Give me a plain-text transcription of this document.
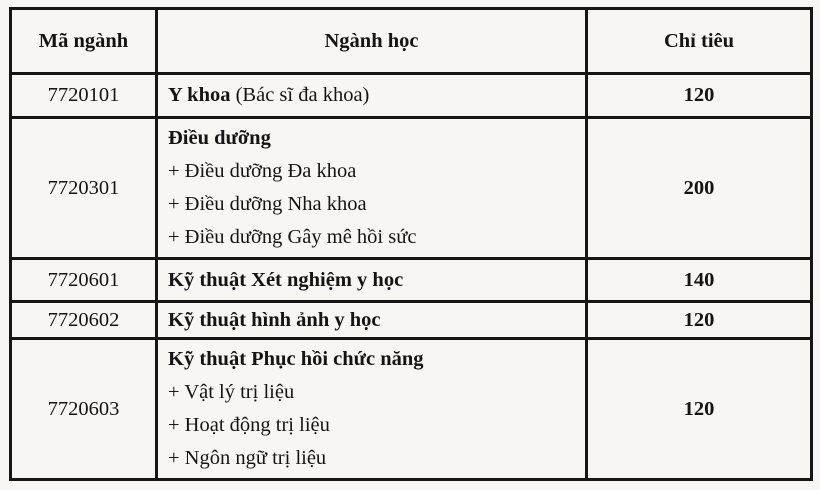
Mã ngành	Ngành học	Chỉ tiêu
7720101	Y khoa (Bác sĩ đa khoa)	120
7720301	Điều dưỡng
+ Điều dưỡng Đa khoa
+ Điều dưỡng Nha khoa
+ Điều dưỡng Gây mê hồi sức	200
7720601	Kỹ thuật Xét nghiệm y học	140
7720602	Kỹ thuật hình ảnh y học	120
7720603	Kỹ thuật Phục hồi chức năng
+ Vật lý trị liệu
+ Hoạt động trị liệu
+ Ngôn ngữ trị liệu	120
